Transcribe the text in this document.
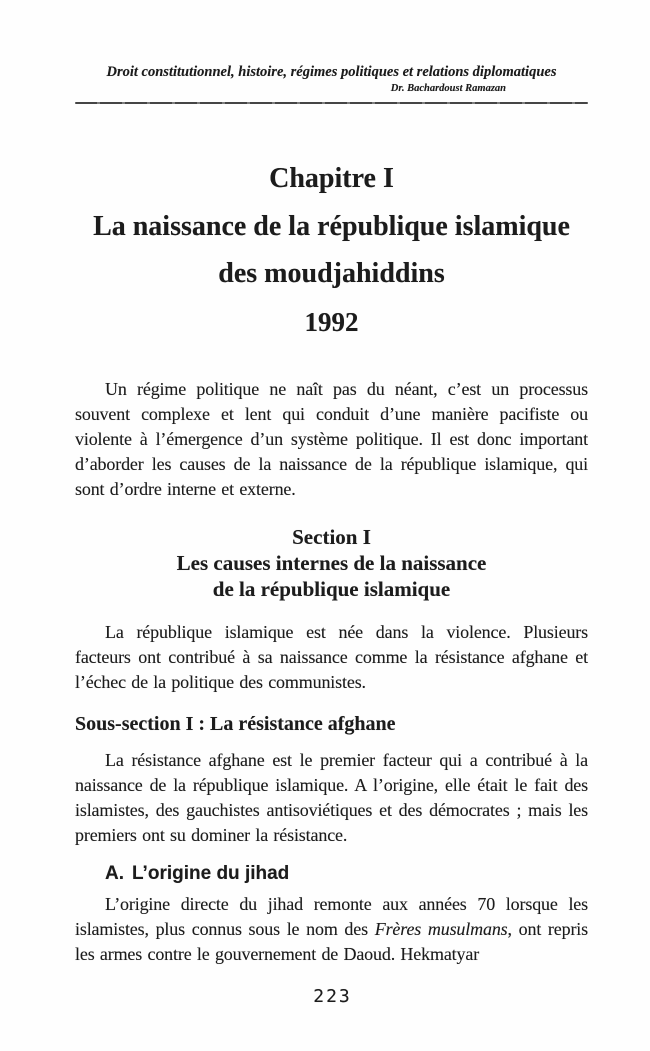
Droit constitutionnel, histoire, régimes politiques et relations diplomatiques
Dr. Bachardoust Ramazan
Chapitre I
La naissance de la république islamique
des moudjahiddins
1992

Un régime politique ne naît pas du néant, c’est un processus souvent complexe et lent qui conduit d’une manière pacifiste ou violente à l’émergence d’un système politique. Il est donc important d’aborder les causes de la naissance de la république islamique, qui sont d’ordre interne et externe.

Section I
Les causes internes de la naissance
de la république islamique

La république islamique est née dans la violence. Plusieurs facteurs ont contribué à sa naissance comme la résistance afghane et l’échec de la politique des communistes.

Sous-section I : La résistance afghane

La résistance afghane est le premier facteur qui a contribué à la naissance de la république islamique. A l’origine, elle était le fait des islamistes, des gauchistes antisoviétiques et des démocrates ; mais les premiers ont su dominer la résistance.

A. L’origine du jihad

L’origine directe du jihad remonte aux années 70 lorsque les islamistes, plus connus sous le nom des Frères musulmans, ont repris les armes contre le gouvernement de Daoud. Hekmatyar

223
